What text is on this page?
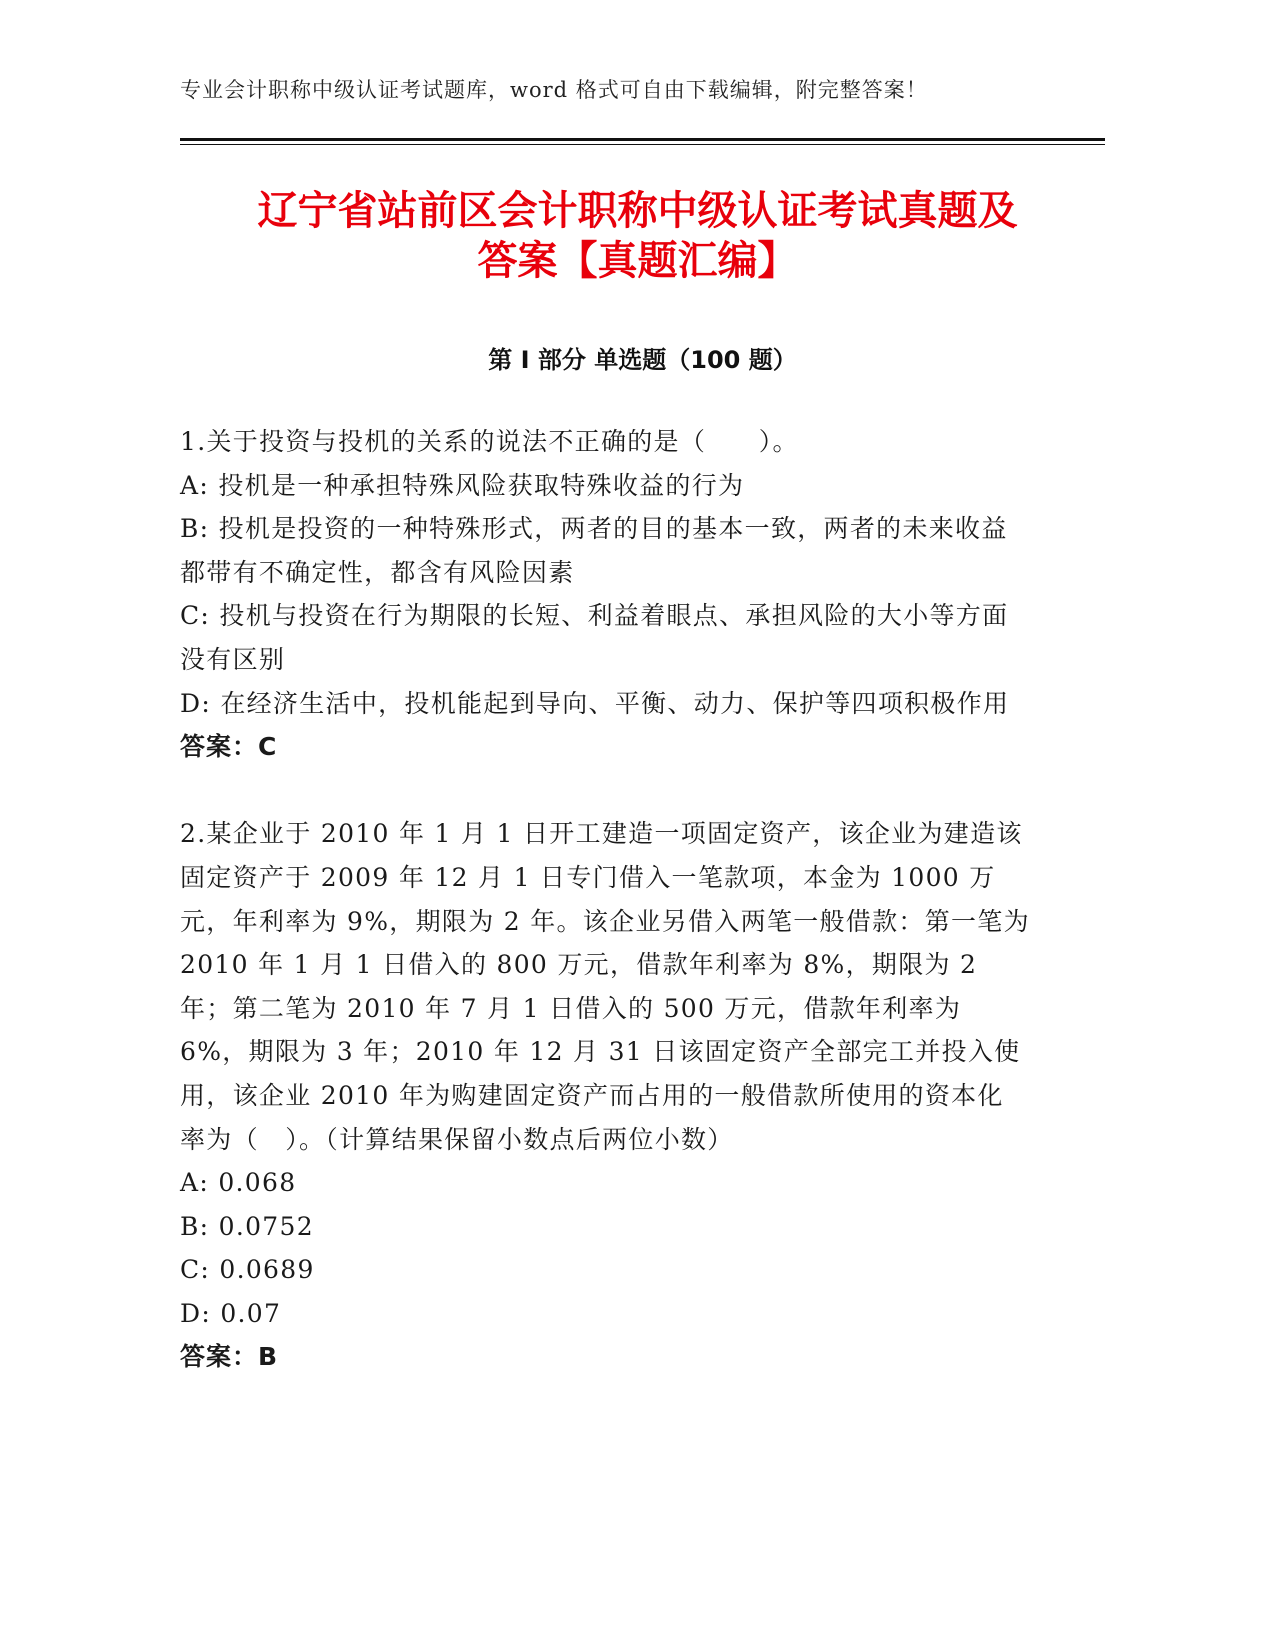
专业会计职称中级认证考试题库，word 格式可自由下载编辑，附完整答案！
辽宁省站前区会计职称中级认证考试真题及
答案【真题汇编】
第 I 部分 单选题（100 题）

1.关于投资与投机的关系的说法不正确的是（　　）。

A: 投机是一种承担特殊风险获取特殊收益的行为

B: 投机是投资的一种特殊形式，两者的目的基本一致，两者的未来收益都带有不确定性，都含有风险因素

C: 投机与投资在行为期限的长短、利益着眼点、承担风险的大小等方面没有区别

D: 在经济生活中，投机能起到导向、平衡、动力、保护等四项积极作用

答案：C

2.某企业于 2010 年 1 月 1 日开工建造一项固定资产，该企业为建造该固定资产于 2009 年 12 月 1 日专门借入一笔款项，本金为 1000 万元，年利率为 9%，期限为 2 年。该企业另借入两笔一般借款：第一笔为 2010 年 1 月 1 日借入的 800 万元，借款年利率为 8%，期限为 2 年；第二笔为 2010 年 7 月 1 日借入的 500 万元，借款年利率为 6%，期限为 3 年；2010 年 12 月 31 日该固定资产全部完工并投入使用，该企业 2010 年为购建固定资产而占用的一般借款所使用的资本化率为（　）。（计算结果保留小数点后两位小数）

A: 0.068

B: 0.0752

C: 0.0689

D: 0.07

答案：B
